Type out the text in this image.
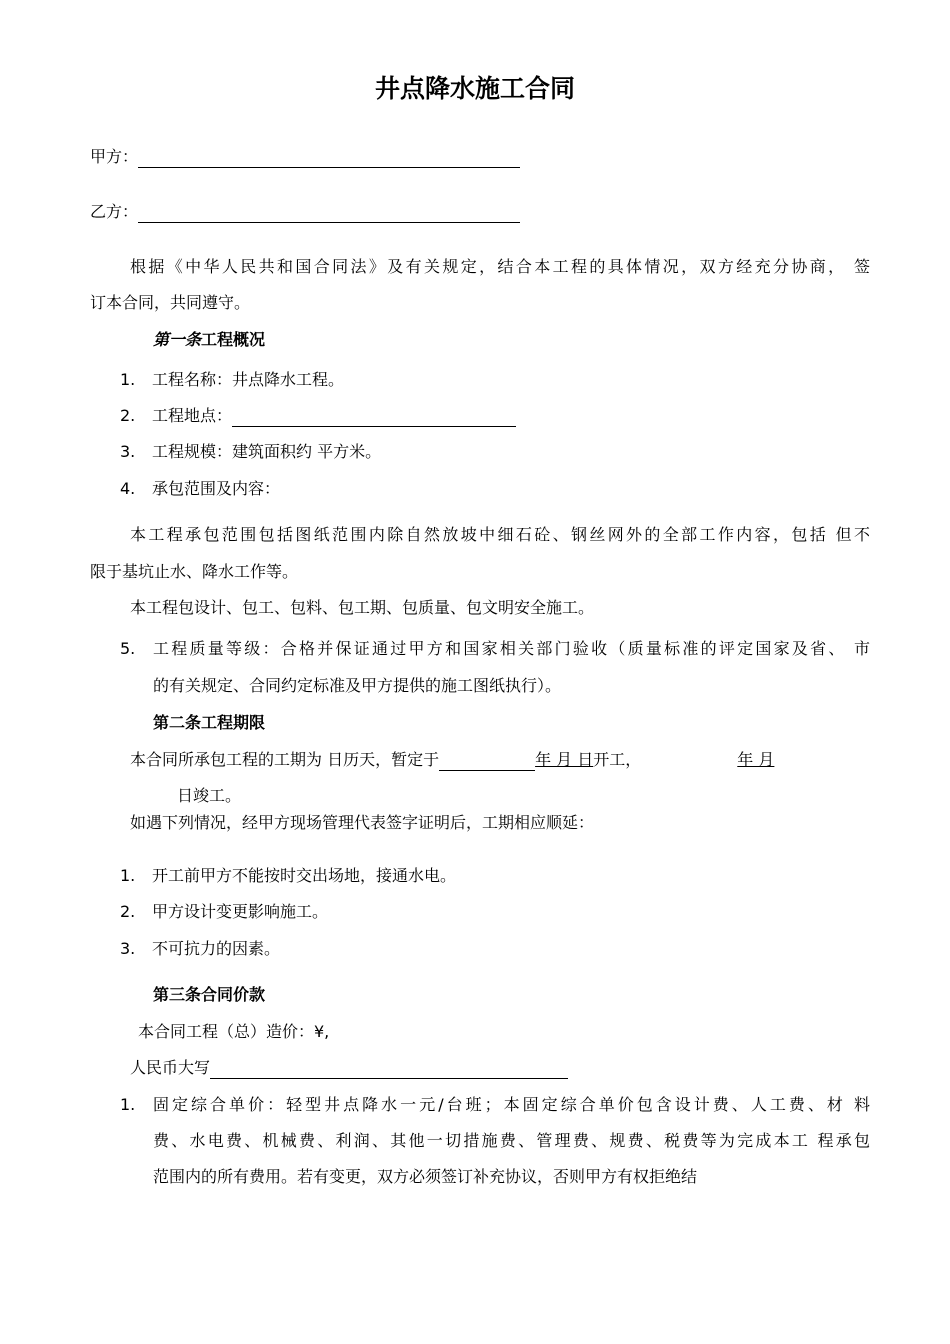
井点降水施工合同
甲方：
乙方：
根据《中华人民共和国合同法》及有关规定，结合本工程的具体情况，双方经充分协商， 签
订本合同，共同遵守。
第一条工程概况
1. 工程名称：井点降水工程。
2. 工程地点：
3. 工程规模：建筑面积约 平方米。
4. 承包范围及内容：
本工程承包范围包括图纸范围内除自然放坡中细石砼、钢丝网外的全部工作内容，包括 但不
限于基坑止水、降水工作等。
本工程包设计、包工、包料、包工期、包质量、包文明安全施工。
5.	工程质量等级：合格并保证通过甲方和国家相关部门验收（质量标准的评定国家及省、 市
的有关规定、合同约定标准及甲方提供的施工图纸执行）。
第二条工程期限
本合同所承包工程的工期为 日历天，暂定于	年 月 日开工，	年 月
日竣工。
如遇下列情况，经甲方现场管理代表签字证明后，工期相应顺延：
1. 开工前甲方不能按时交出场地，接通水电。
2. 甲方设计变更影响施工。
3. 不可抗力的因素。
第三条合同价款
本合同工程（总）造价：¥,
人民币大写
1.	固定综合单价：轻型井点降水一元/台班；本固定综合单价包含设计费、人工费、材 料
费、水电费、机械费、利润、其他一切措施费、管理费、规费、税费等为完成本工 程承包
范围内的所有费用。若有变更，双方必须签订补充协议，否则甲方有权拒绝结
